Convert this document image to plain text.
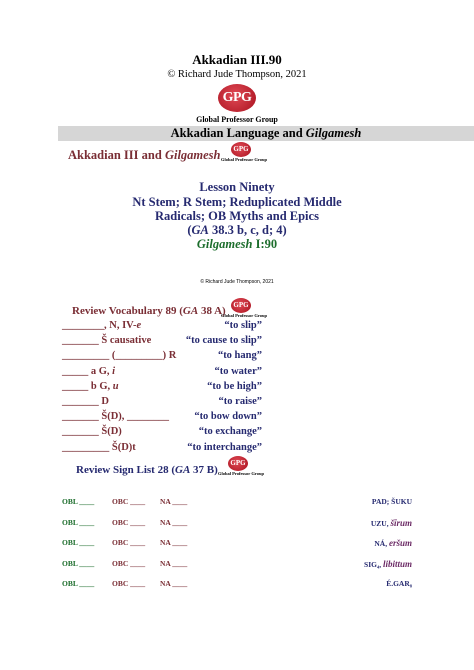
Akkadian III.90
© Richard Jude Thompson, 2021
GPG
Global Professor Group
Akkadian Language and Gilgamesh
Akkadian III and Gilgamesh	GPG
Global Professor Group
Lesson Ninety
Nt Stem; R Stem; Reduplicated Middle
Radicals; OB Myths and Epics
(GA 38.3 b, c, d; 4)
Gilgamesh I:90
© Richard Jude Thompson, 2021
Review Vocabulary 89 (GA 38 A)	GPG
Global Professor Group
________, N, IV-e	“to slip”
_______ Š causative	“to cause to slip”
_________ (_________) R	“to hang”
_____ a G, i	“to water”
_____ b G, u	“to be high”
_______ D	“to raise”
_______ Š(D), ________ “to bow down”
_______ Š(D)	“to exchange”
_________ Š(D)t	“to interchange”
Review Sign List 28 (GA 37 B)
GPG
Global Professor Group
OBL ____ OBC ____ NA ____	PAD; ŠUKU
OBL ____ OBC ____ NA ____	UZU, šīrum
OBL ____ OBC ____ NA ____	NÁ, eršum
OBL ____ OBC ____ NA ____	SIG₄, libittum
OBL ____ OBC ____ NA ____	É.GAR₈
